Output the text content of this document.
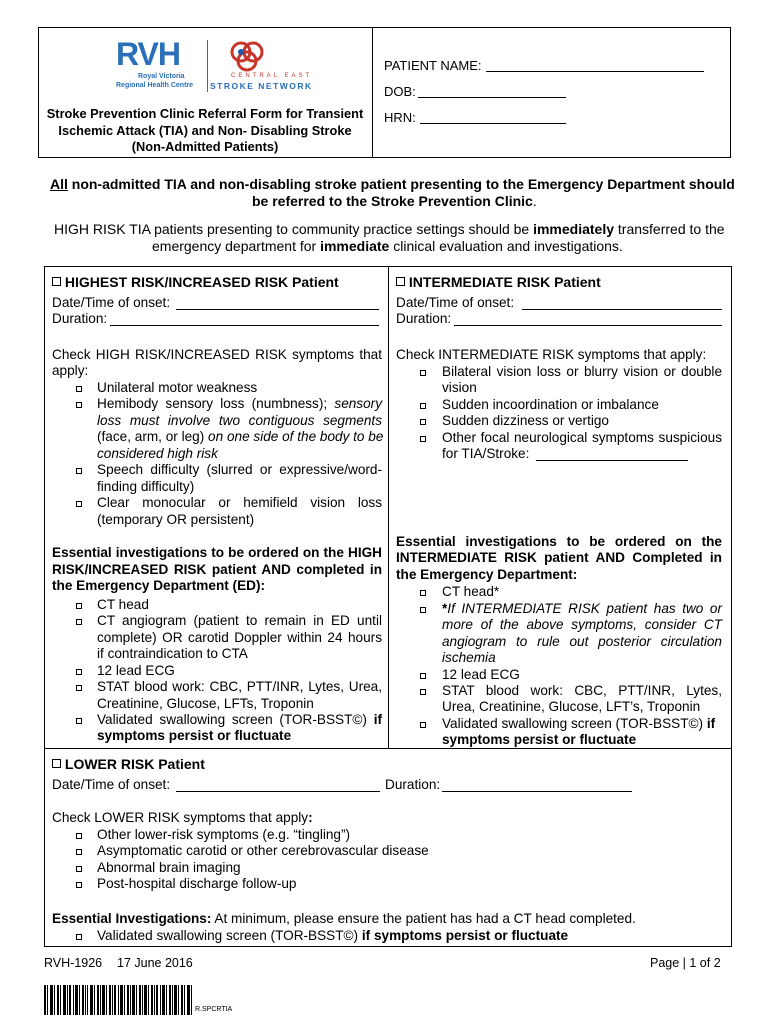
RVH
Royal Victoria
Regional Health Centre
CENTRAL EAST
STROKE NETWORK
Stroke Prevention Clinic Referral Form for Transient
Ischemic Attack (TIA) and Non- Disabling Stroke
(Non-Admitted Patients)
PATIENT NAME:
DOB:
HRN:
All non-admitted TIA and non-disabling stroke patient presenting to the Emergency Department should
be referred to the Stroke Prevention Clinic.
HIGH RISK TIA patients presenting to community practice settings should be immediately transferred to the
emergency department for immediate clinical evaluation and investigations.
HIGHEST RISK/INCREASED RISK Patient
Date/Time of onset:
Duration:
Check HIGH RISK/INCREASED RISK symptoms that
apply:
Unilateral motor weakness
Hemibody sensory loss (numbness); sensory
loss must involve two contiguous segments
(face, arm, or leg) on one side of the body to be
considered high risk
Speech difficulty (slurred or expressive/word-
finding difficulty)
Clear monocular or hemifield vision loss
(temporary OR persistent)
Essential investigations to be ordered on the HIGH
RISK/INCREASED RISK patient AND completed in
the Emergency Department (ED):
CT head
CT angiogram (patient to remain in ED until
complete) OR carotid Doppler within 24 hours
if contraindication to CTA
12 lead ECG
STAT blood work: CBC, PTT/INR, Lytes, Urea,
Creatinine, Glucose, LFTs, Troponin
Validated swallowing screen (TOR-BSST©) if
symptoms persist or fluctuate
INTERMEDIATE RISK Patient
Date/Time of onset:
Duration:
Check INTERMEDIATE RISK symptoms that apply:
Bilateral vision loss or blurry vision or double
vision
Sudden incoordination or imbalance
Sudden dizziness or vertigo
Other focal neurological symptoms suspicious
for TIA/Stroke:
Essential investigations to be ordered on the
INTERMEDIATE RISK patient AND Completed in
the Emergency Department:
CT head*
*If INTERMEDIATE RISK patient has two or
more of the above symptoms, consider CT
angiogram to rule out posterior circulation
ischemia
12 lead ECG
STAT blood work: CBC, PTT/INR, Lytes,
Urea, Creatinine, Glucose, LFT’s, Troponin
Validated swallowing screen (TOR-BSST©) if
symptoms persist or fluctuate
LOWER RISK Patient
Date/Time of onset:	Duration:
Check LOWER RISK symptoms that apply:
Other lower-risk symptoms (e.g. “tingling”)
Asymptomatic carotid or other cerebrovascular disease
Abnormal brain imaging
Post-hospital discharge follow-up
Essential Investigations: At minimum, please ensure the patient has had a CT head completed.
Validated swallowing screen (TOR-BSST©) if symptoms persist or fluctuate
RVH-1926 17 June 2016	Page | 1 of 2
R.SPCRTIA
